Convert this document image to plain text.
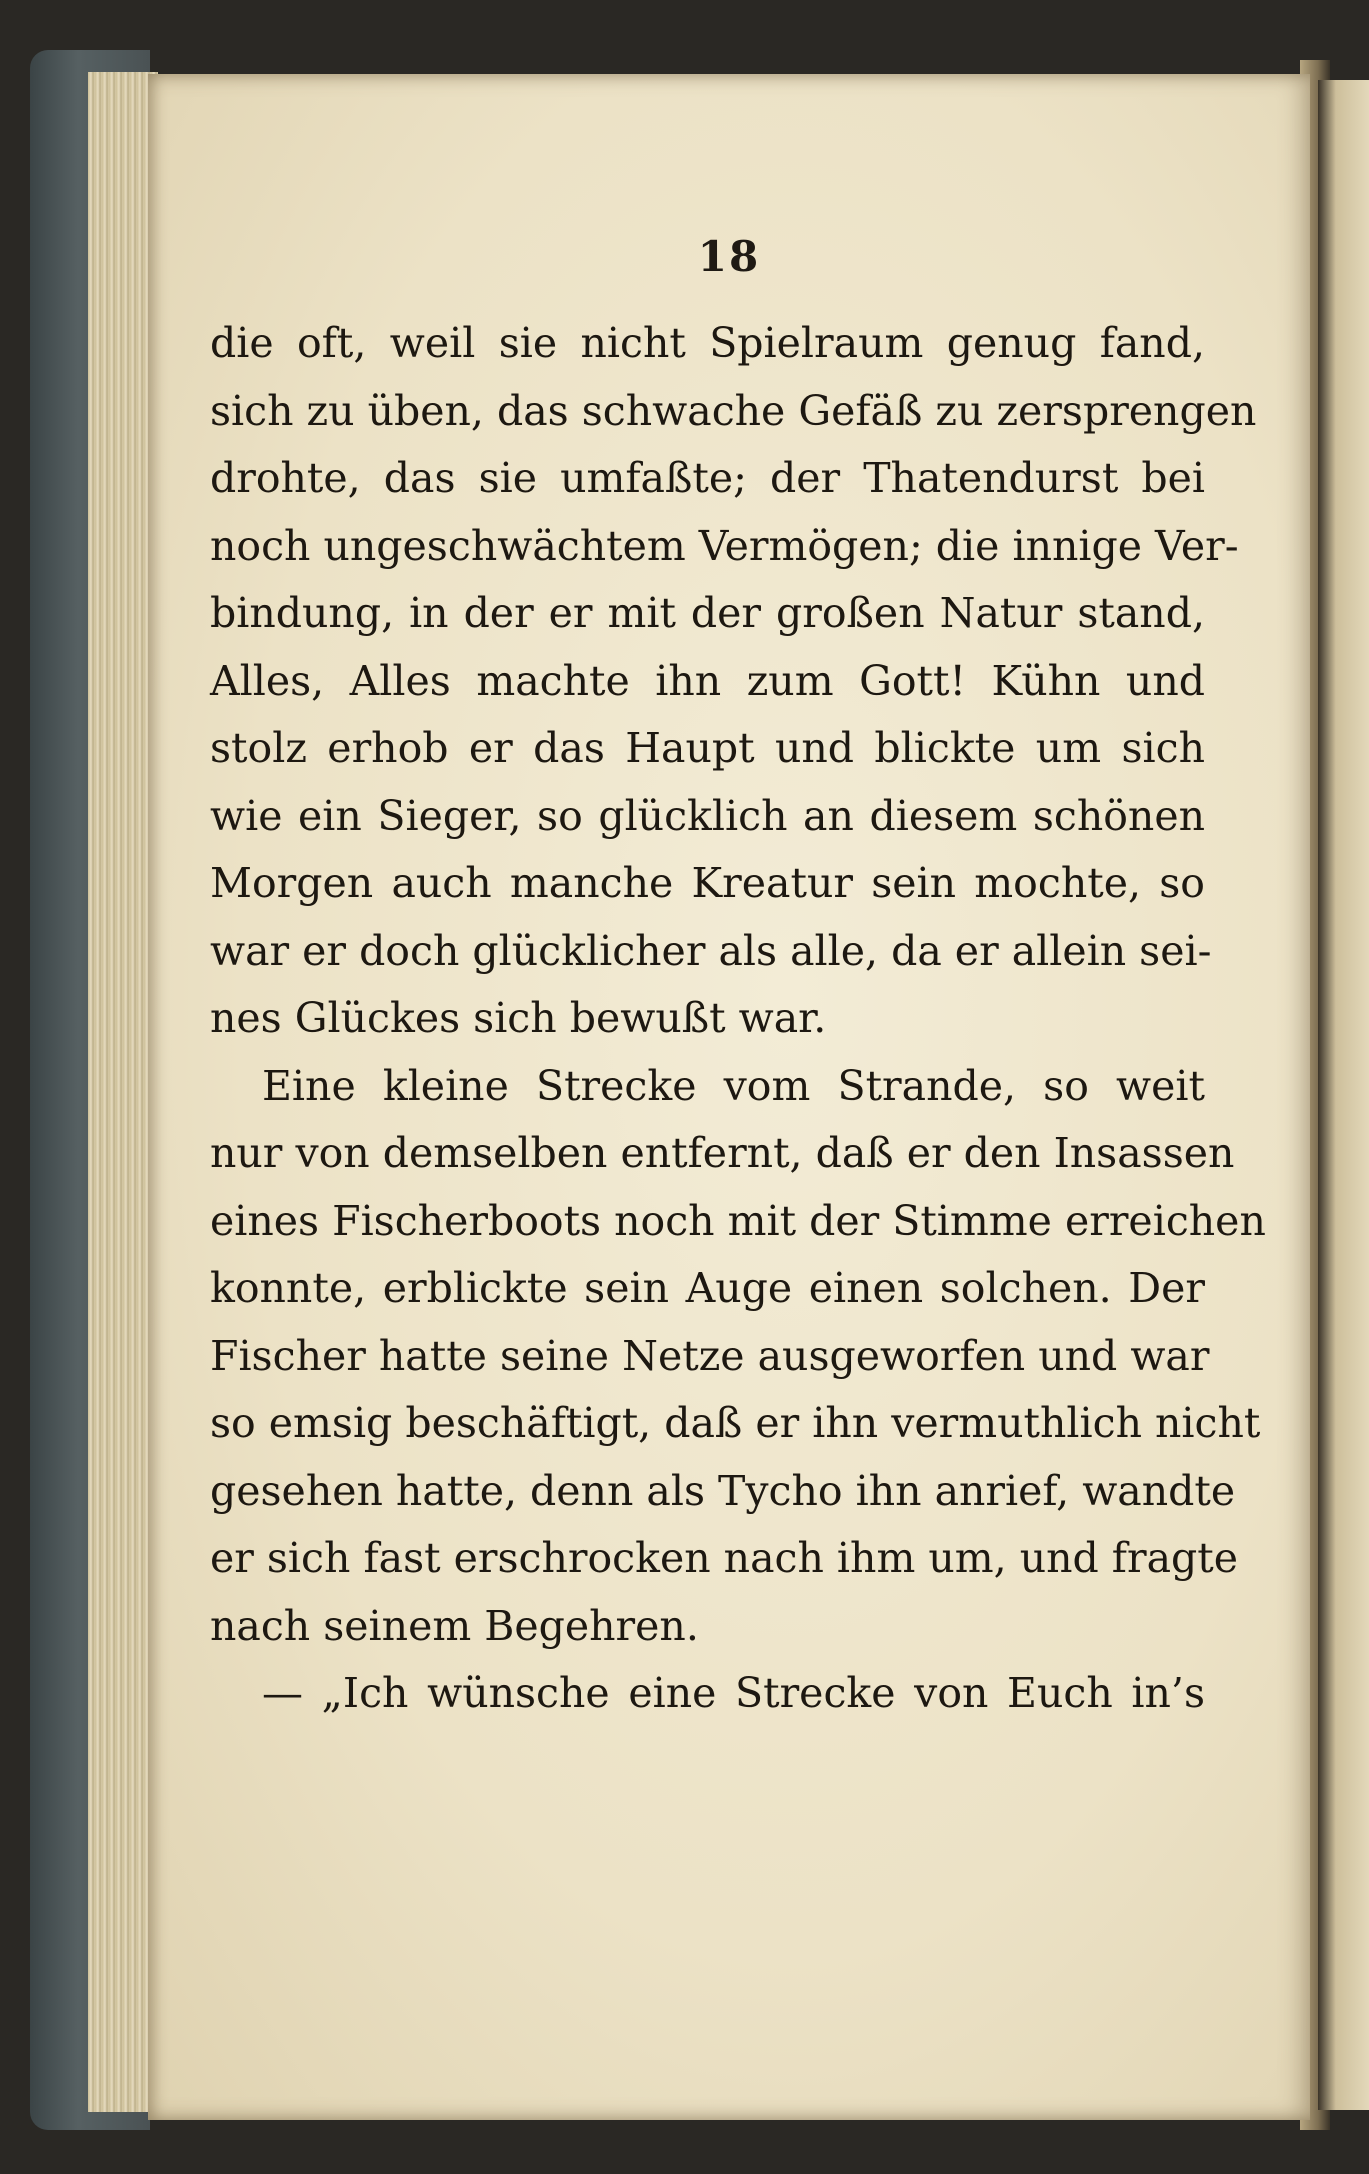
18
die oft, weil sie nicht Spielraum genug fand,
sich zu üben, das schwache Gefäß zu zersprengen
drohte, das sie umfaßte; der Thatendurst bei
noch ungeschwächtem Vermögen; die innige Ver-
bindung, in der er mit der großen Natur stand,
Alles, Alles machte ihn zum Gott! Kühn und
stolz erhob er das Haupt und blickte um sich
wie ein Sieger, so glücklich an diesem schönen
Morgen auch manche Kreatur sein mochte, so
war er doch glücklicher als alle, da er allein sei-
nes Glückes sich bewußt war.
Eine kleine Strecke vom Strande, so weit
nur von demselben entfernt, daß er den Insassen
eines Fischerboots noch mit der Stimme erreichen
konnte, erblickte sein Auge einen solchen. Der
Fischer hatte seine Netze ausgeworfen und war
so emsig beschäftigt, daß er ihn vermuthlich nicht
gesehen hatte, denn als Tycho ihn anrief, wandte
er sich fast erschrocken nach ihm um, und fragte
nach seinem Begehren.
— „Ich wünsche eine Strecke von Euch in’s
